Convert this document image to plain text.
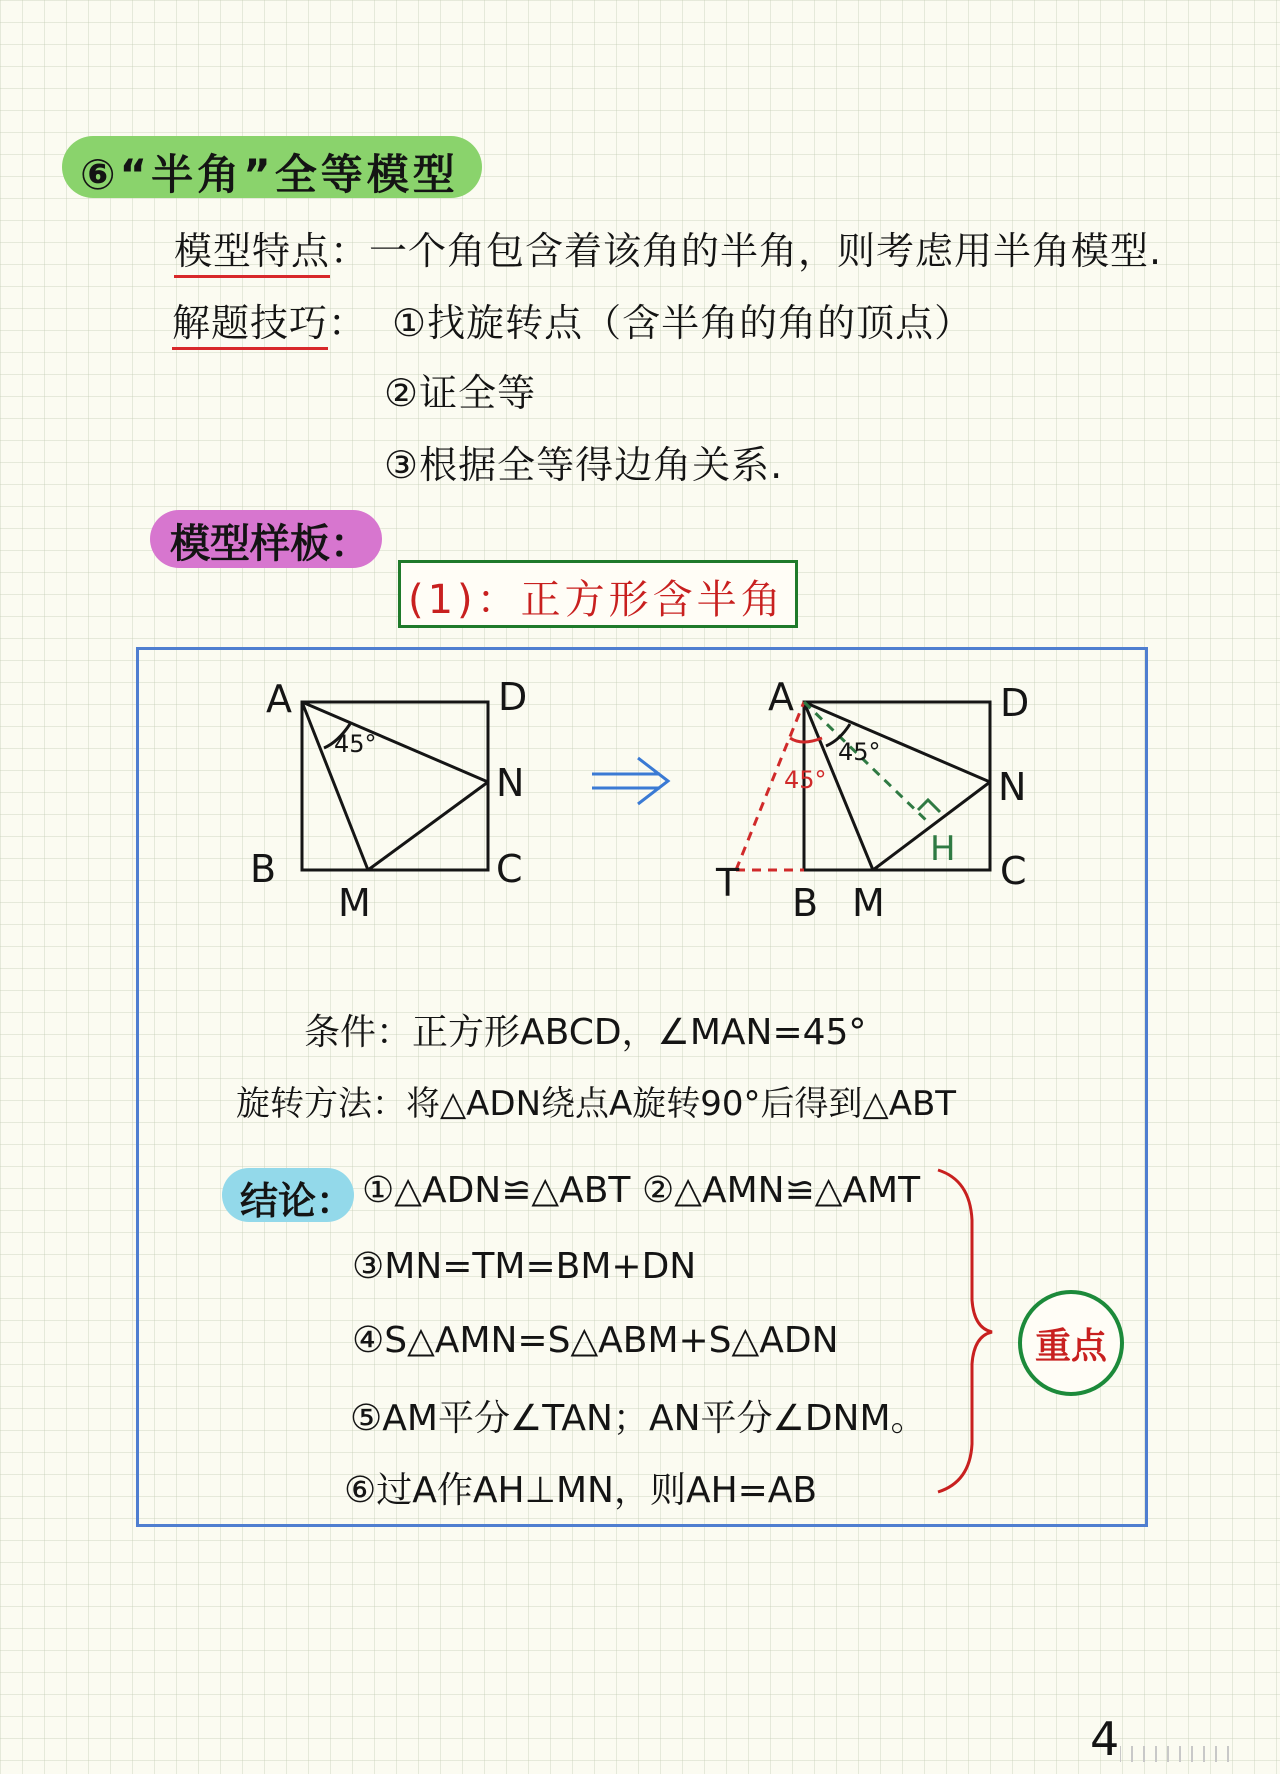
⑥“半角”全等模型
模型特点：一个角包含着该角的半角，则考虑用半角模型.
解题技巧： ①找旋转点（含半角的角的顶点）
②证全等
③根据全等得边角关系.
模型样板：
(1)：正方形含半角
A	D
N
B	C
M
45°
A	D
N
T B M
C
H
45°
45°
条件：正方形ABCD，∠MAN=45°
旋转方法：将△ADN绕点A旋转90°后得到△ABT
结论： ①△ADN≌△ABT ②△AMN≌△AMT
③MN=TM=BM+DN
④S△AMN=S△ABM+S△ADN
⑤AM平分∠TAN；AN平分∠DNM。
⑥过A作AH⊥MN，则AH=AB
重点
4
